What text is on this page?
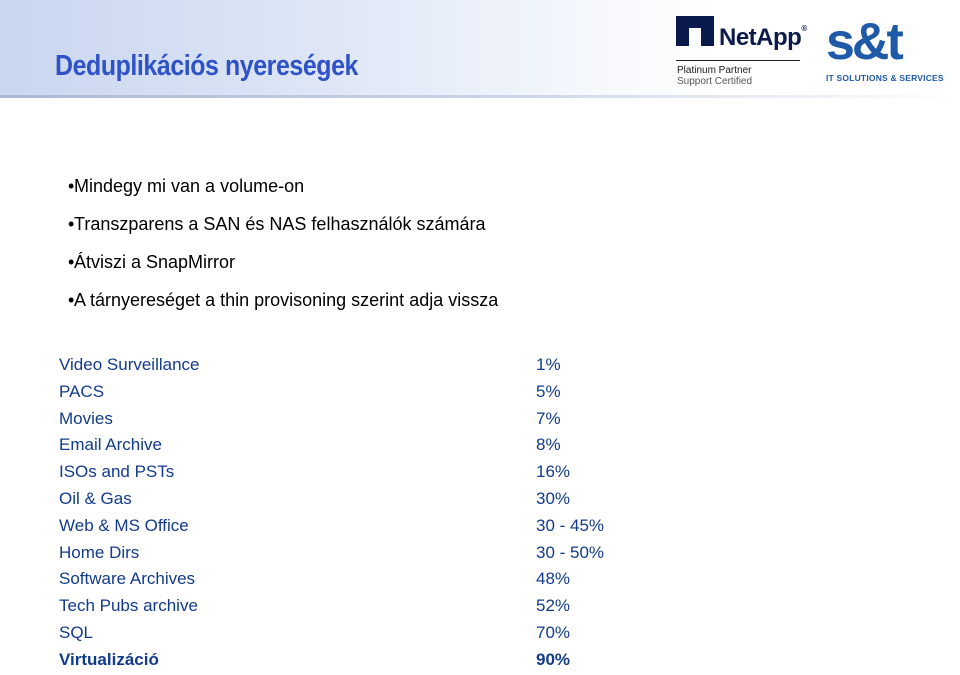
Deduplikációs nyereségek
NetApp®
Platinum Partner
Support Certified
s&t
IT SOLUTIONS & SERVICES
•Mindegy mi van a volume-on
•Transzparens a SAN és NAS felhasználók számára
•Átviszi a SnapMirror
•A tárnyereséget a thin provisoning szerint adja vissza
Video Surveillance	1%
PACS	5%
Movies	7%
Email Archive	8%
ISOs and PSTs	16%
Oil & Gas	30%
Web & MS Office	30 - 45%
Home Dirs	30 - 50%
Software Archives	48%
Tech Pubs archive	52%
SQL	70%
Virtualizáció	90%
